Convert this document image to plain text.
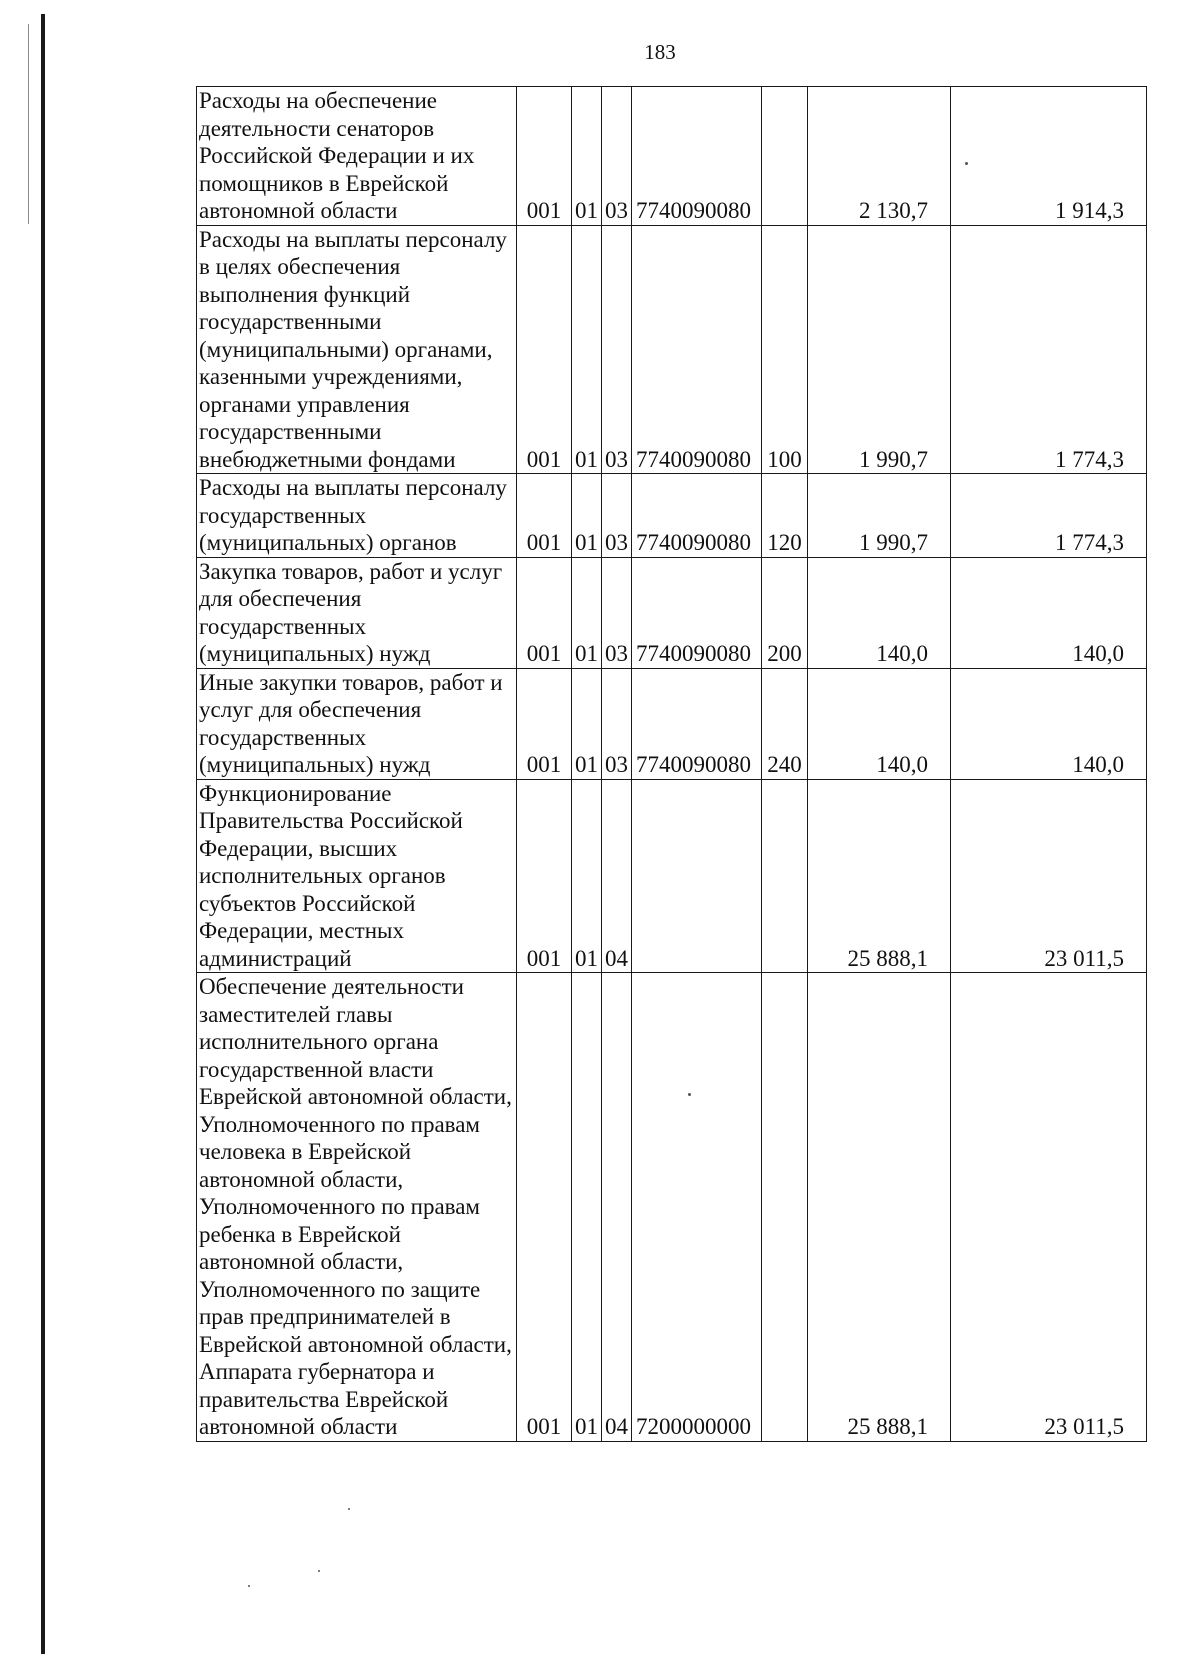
183
Расходы на обеспечение деятельности сенаторов Российской Федерации и их помощников в Еврейской автономной области	001	01	03	7740090080		2 130,7	1 914,3
Расходы на выплаты персоналу в целях обеспечения выполнения функций государственными (муниципальными) органами, казенными учреждениями, органами управления государственными внебюджетными фондами	001	01	03	7740090080	100	1 990,7	1 774,3
Расходы на выплаты персоналу государственных (муниципальных) органов	001	01	03	7740090080	120	1 990,7	1 774,3
Закупка товаров, работ и услуг для обеспечения государственных (муниципальных) нужд	001	01	03	7740090080	200	140,0	140,0
Иные закупки товаров, работ и услуг для обеспечения государственных (муниципальных) нужд	001	01	03	7740090080	240	140,0	140,0
Функционирование Правительства Российской Федерации, высших исполнительных органов субъектов Российской Федерации, местных администраций	001	01	04			25 888,1	23 011,5
Обеспечение деятельности заместителей главы исполнительного органа государственной власти Еврейской автономной области, Уполномоченного по правам человека в Еврейской автономной области, Уполномоченного по правам ребенка в Еврейской автономной области, Уполномоченного по защите прав предпринимателей в Еврейской автономной области, Аппарата губернатора и правительства Еврейской автономной области	001	01	04	7200000000		25 888,1	23 011,5
